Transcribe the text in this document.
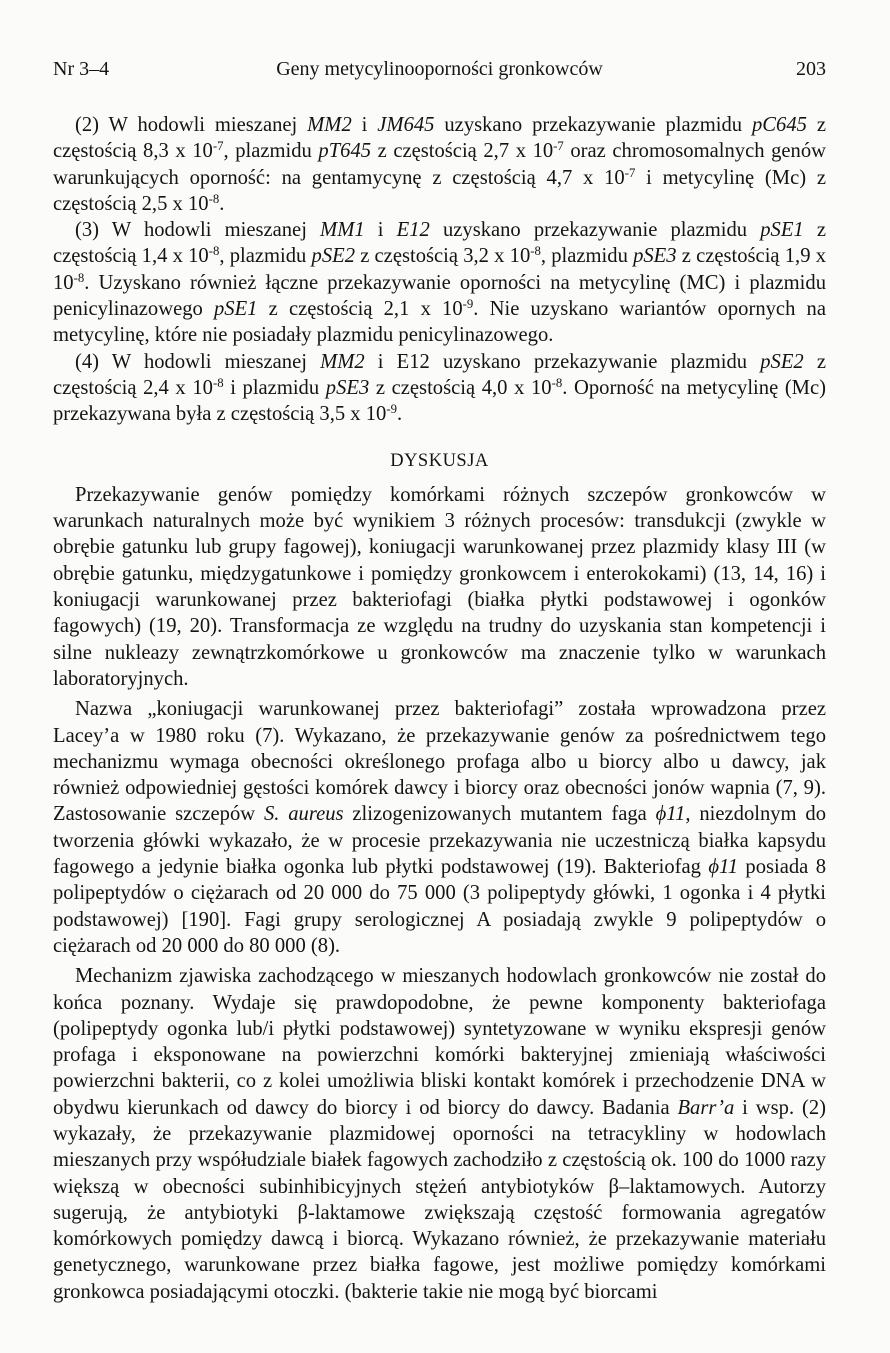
Nr 3–4	Geny metycylinooporności gronkowców	203

(2) W hodowli mieszanej MM2 i JM645 uzyskano przekazywanie plazmidu pC645 z częstością 8,3 x $10^{-7}$, plazmidu pT645 z częstością 2,7 x $10^{-7}$ oraz chromosomalnych genów warunkujących oporność: na gentamycynę z częstością 4,7 x $10^{-7}$ i metycylinę (Mc) z częstością 2,5 x $10^{-8}$.

(3) W hodowli mieszanej MM1 i E12 uzyskano przekazywanie plazmidu pSE1 z częstością 1,4 x $10^{-8}$, plazmidu pSE2 z częstością 3,2 x $10^{-8}$, plazmidu pSE3 z częstością 1,9 x $10^{-8}$. Uzyskano również łączne przekazywanie oporności na metycylinę (MC) i plazmidu penicylinazowego pSE1 z częstością 2,1 x $10^{-9}$. Nie uzyskano wariantów opornych na metycylinę, które nie posiadały plazmidu penicylinazowego.

(4) W hodowli mieszanej MM2 i E12 uzyskano przekazywanie plazmidu pSE2 z częstością 2,4 x $10^{-8}$ i plazmidu pSE3 z częstością 4,0 x $10^{-8}$. Oporność na metycylinę (Mc) przekazywana była z częstością 3,5 x $10^{-9}$.

DYSKUSJA

Przekazywanie genów pomiędzy komórkami różnych szczepów gronkowców w warunkach naturalnych może być wynikiem 3 różnych procesów: transdukcji (zwykle w obrębie gatunku lub grupy fagowej), koniugacji warunkowanej przez plazmidy klasy III (w obrębie gatunku, międzygatunkowe i pomiędzy gronkowcem i enterokokami) (13, 14, 16) i koniugacji warunkowanej przez bakteriofagi (białka płytki podstawowej i ogonków fagowych) (19, 20). Transformacja ze względu na trudny do uzyskania stan kompetencji i silne nukleazy zewnątrzkomórkowe u gronkowców ma znaczenie tylko w warunkach laboratoryjnych.

Nazwa „koniugacji warunkowanej przez bakteriofagi” została wprowadzona przez Lacey’a w 1980 roku (7). Wykazano, że przekazywanie genów za pośrednictwem tego mechanizmu wymaga obecności określonego profaga albo u biorcy albo u dawcy, jak również odpowiedniej gęstości komórek dawcy i biorcy oraz obecności jonów wapnia (7, 9). Zastosowanie szczepów S. aureus zlizogenizowanych mutantem faga ϕ11, niezdolnym do tworzenia główki wykazało, że w procesie przekazywania nie uczestniczą białka kapsydu fagowego a jedynie białka ogonka lub płytki podstawowej (19). Bakteriofag ϕ11 posiada 8 polipeptydów o ciężarach od 20 000 do 75 000 (3 polipeptydy główki, 1 ogonka i 4 płytki podstawowej) [190]. Fagi grupy serologicznej A posiadają zwykle 9 polipeptydów o ciężarach od 20 000 do 80 000 (8).

Mechanizm zjawiska zachodzącego w mieszanych hodowlach gronkowców nie został do końca poznany. Wydaje się prawdopodobne, że pewne komponenty bakteriofaga (polipeptydy ogonka lub/i płytki podstawowej) syntetyzowane w wyniku ekspresji genów profaga i eksponowane na powierzchni komórki bakteryjnej zmieniają właściwości powierzchni bakterii, co z kolei umożliwia bliski kontakt komórek i przechodzenie DNA w obydwu kierunkach od dawcy do biorcy i od biorcy do dawcy. Badania Barr’a i wsp. (2) wykazały, że przekazywanie plazmidowej oporności na tetracykliny w hodowlach mieszanych przy współudziale białek fagowych zachodziło z częstością ok. 100 do 1000 razy większą w obecności subinhibicyjnych stężeń antybiotyków β–laktamowych. Autorzy sugerują, że antybiotyki β-laktamowe zwiększają częstość formowania agregatów komórkowych pomiędzy dawcą i biorcą. Wykazano również, że przekazywanie materiału genetycznego, warunkowane przez białka fagowe, jest możliwe pomiędzy komórkami gronkowca posiadającymi otoczki. (bakterie takie nie mogą być biorcami
